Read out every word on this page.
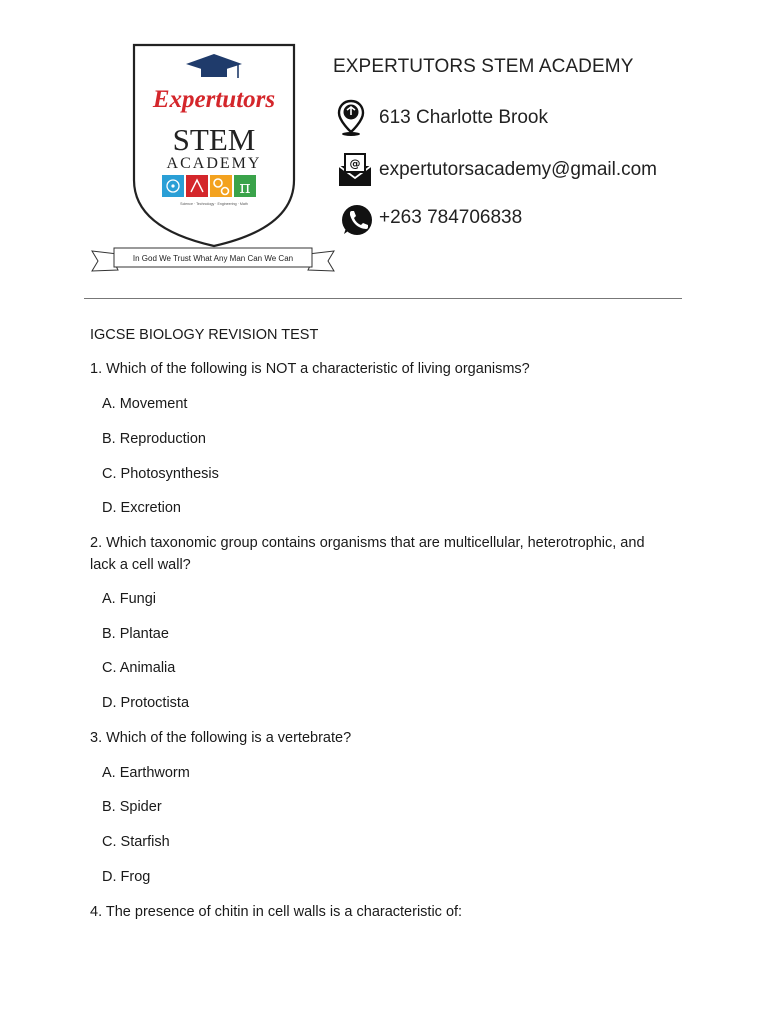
Expertutors
STEM
ACADEMY
π
Science · Technology · Engineering · Math
In God We Trust What Any Man Can We Can
EXPERTUTORS STEM ACADEMY
613 Charlotte Brook
@ expertutorsacademy@gmail.com
+263 784706838
IGCSE BIOLOGY REVISION TEST
1. Which of the following is NOT a characteristic of living organisms?
A. Movement
B. Reproduction
C. Photosynthesis
D. Excretion
2. Which taxonomic group contains organisms that are multicellular, heterotrophic, and
lack a cell wall?
A. Fungi
B. Plantae
C. Animalia
D. Protoctista
3. Which of the following is a vertebrate?
A. Earthworm
B. Spider
C. Starfish
D. Frog
4. The presence of chitin in cell walls is a characteristic of:
